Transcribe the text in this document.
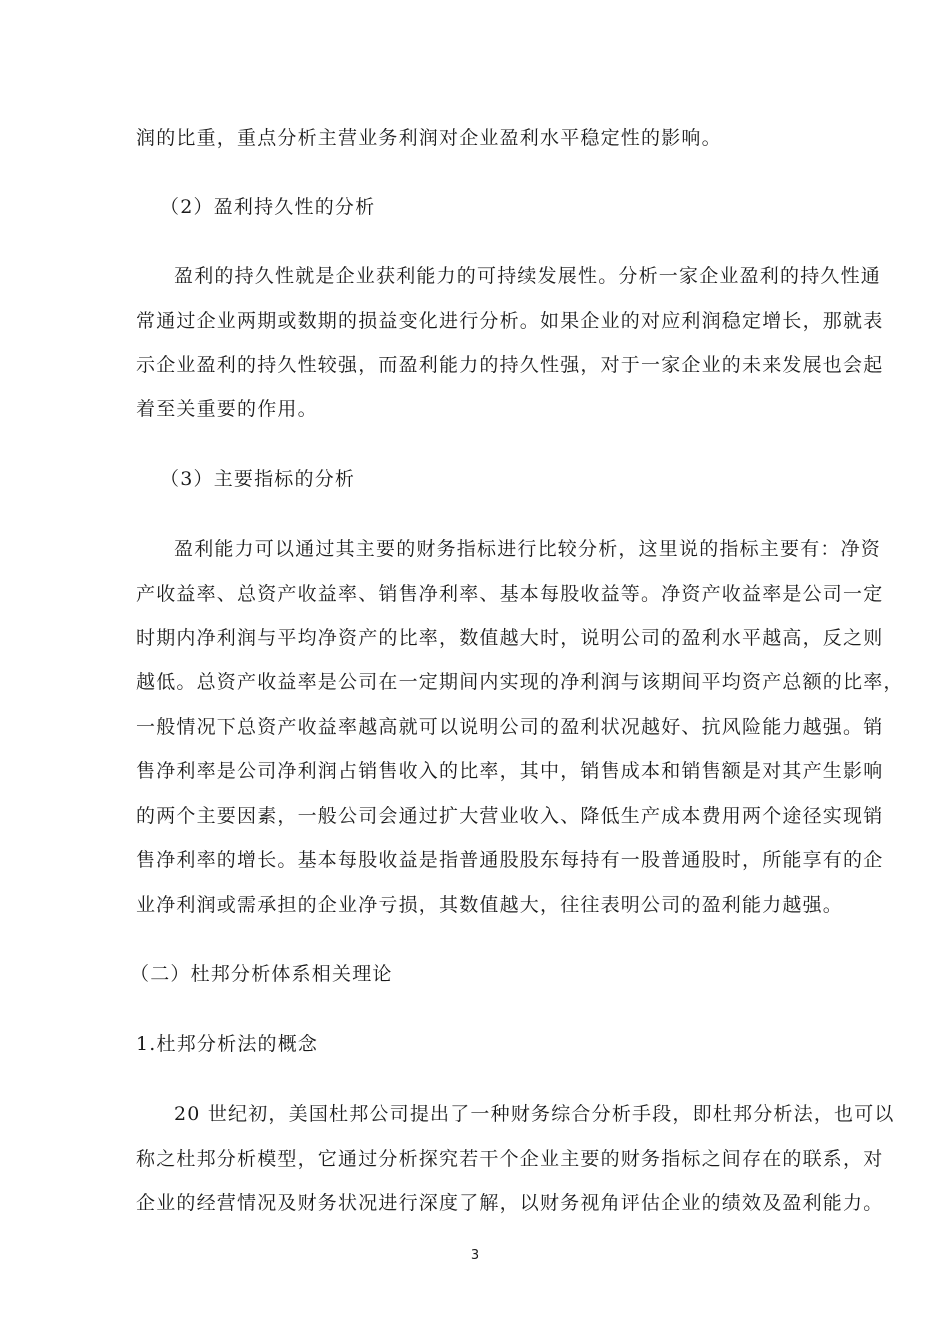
润的比重，重点分析主营业务利润对企业盈利水平稳定性的影响。
（2）盈利持久性的分析
盈利的持久性就是企业获利能力的可持续发展性。分析一家企业盈利的持久性通
常通过企业两期或数期的损益变化进行分析。如果企业的对应利润稳定增长，那就表
示企业盈利的持久性较强，而盈利能力的持久性强，对于一家企业的未来发展也会起
着至关重要的作用。
（3）主要指标的分析
盈利能力可以通过其主要的财务指标进行比较分析，这里说的指标主要有：净资
产收益率、总资产收益率、销售净利率、基本每股收益等。净资产收益率是公司一定
时期内净利润与平均净资产的比率，数值越大时，说明公司的盈利水平越高，反之则
越低。总资产收益率是公司在一定期间内实现的净利润与该期间平均资产总额的比率，
一般情况下总资产收益率越高就可以说明公司的盈利状况越好、抗风险能力越强。销
售净利率是公司净利润占销售收入的比率，其中，销售成本和销售额是对其产生影响
的两个主要因素，一般公司会通过扩大营业收入、降低生产成本费用两个途径实现销
售净利率的增长。基本每股收益是指普通股股东每持有一股普通股时，所能享有的企
业净利润或需承担的企业净亏损，其数值越大，往往表明公司的盈利能力越强。
（二）杜邦分析体系相关理论
1.杜邦分析法的概念
20 世纪初，美国杜邦公司提出了一种财务综合分析手段，即杜邦分析法，也可以
称之杜邦分析模型，它通过分析探究若干个企业主要的财务指标之间存在的联系，对
企业的经营情况及财务状况进行深度了解，以财务视角评估企业的绩效及盈利能力。
3
